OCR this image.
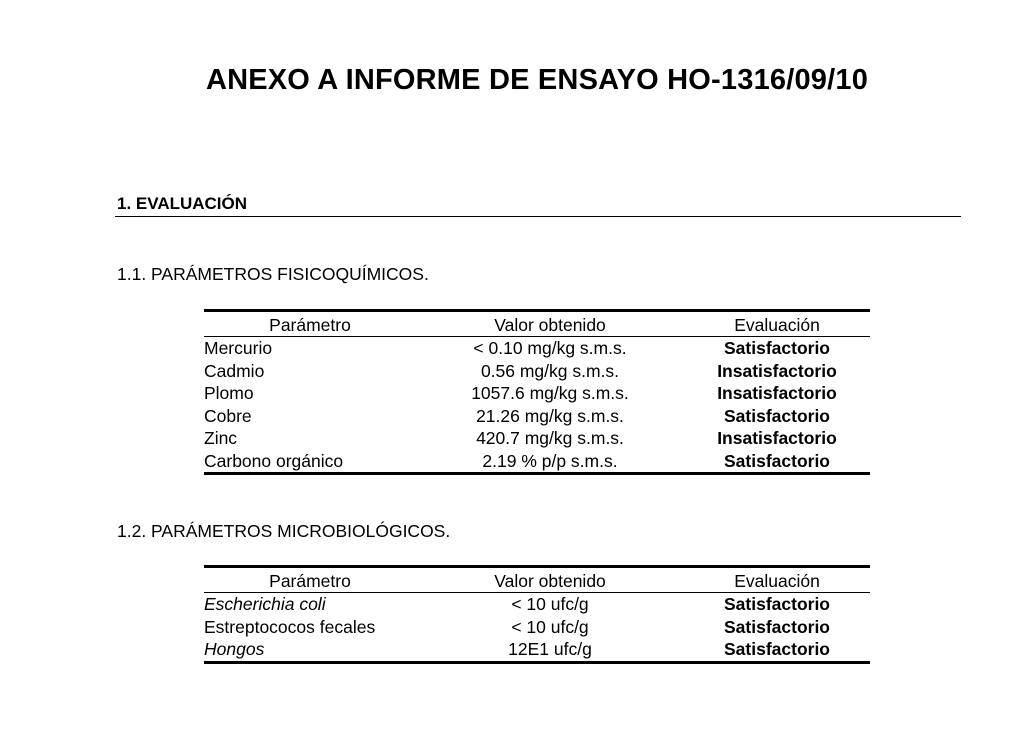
ANEXO A INFORME DE ENSAYO HO-1316/09/10
1. EVALUACIÓN
1.1. PARÁMETROS FISICOQUÍMICOS.
Parámetro	Valor obtenido	Evaluación
Mercurio	< 0.10 mg/kg s.m.s.	Satisfactorio
Cadmio	0.56 mg/kg s.m.s.	Insatisfactorio
Plomo	1057.6 mg/kg s.m.s.	Insatisfactorio
Cobre	21.26 mg/kg s.m.s.	Satisfactorio
Zinc	420.7 mg/kg s.m.s.	Insatisfactorio
Carbono orgánico	2.19 % p/p s.m.s.	Satisfactorio
1.2. PARÁMETROS MICROBIOLÓGICOS.
Parámetro	Valor obtenido	Evaluación
Escherichia coli	< 10 ufc/g	Satisfactorio
Estreptococos fecales	< 10 ufc/g	Satisfactorio
Hongos	12E1 ufc/g	Satisfactorio
